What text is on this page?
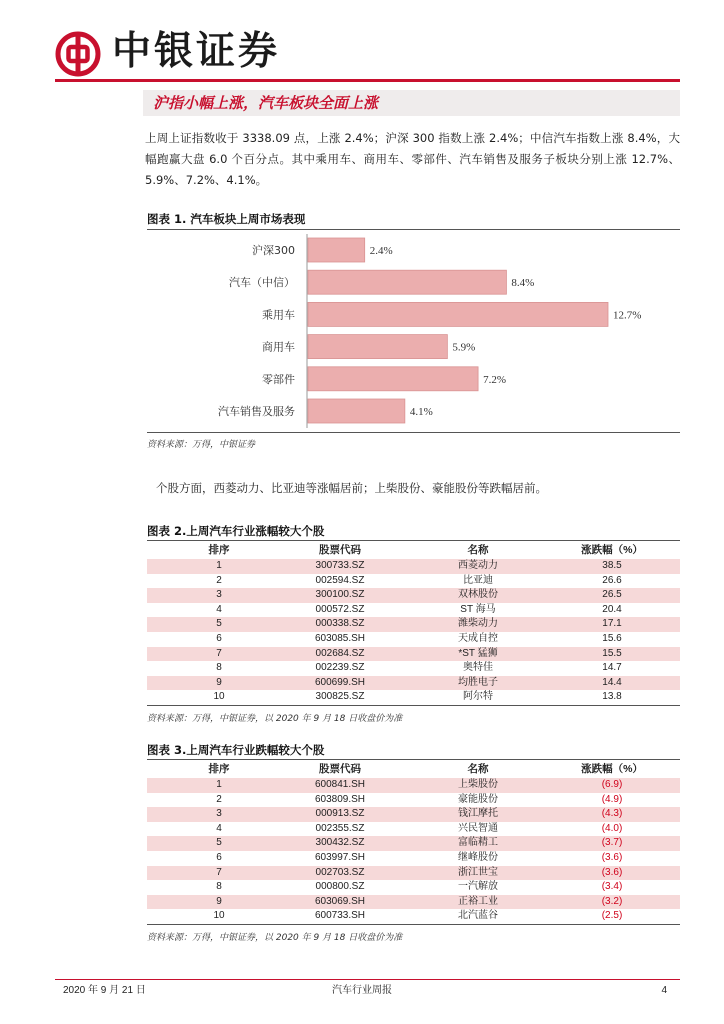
中银证券
沪指小幅上涨，汽车板块全面上涨
上周上证指数收于 3338.09 点，上涨 2.4%；沪深 300 指数上涨 2.4%；中信汽车指数上涨 8.4%，大幅跑赢大盘 6.0 个百分点。其中乘用车、商用车、零部件、汽车销售及服务子板块分别上涨 12.7%、5.9%、7.2%、4.1%。
图表 1. 汽车板块上周市场表现
沪深300	2.4%
汽车（中信）	8.4%
乘用车	12.7%
商用车	5.9%
零部件	7.2%
汽车销售及服务	4.1%
资料来源：万得，中银证券
个股方面，西菱动力、比亚迪等涨幅居前；上柴股份、豪能股份等跌幅居前。
图表 2.上周汽车行业涨幅较大个股
排序	股票代码	名称	涨跌幅（%）
1	300733.SZ	西菱动力	38.5
2	002594.SZ	比亚迪	26.6
3	300100.SZ	双林股份	26.5
4	000572.SZ	ST 海马	20.4
5	000338.SZ	潍柴动力	17.1
6	603085.SH	天成自控	15.6
7	002684.SZ	*ST 猛狮	15.5
8	002239.SZ	奥特佳	14.7
9	600699.SH	均胜电子	14.4
10	300825.SZ	阿尔特	13.8
资料来源：万得，中银证券，以 2020 年 9 月 18 日收盘价为准
图表 3.上周汽车行业跌幅较大个股
排序	股票代码	名称	涨跌幅（%）
1	600841.SH	上柴股份	(6.9)
2	603809.SH	豪能股份	(4.9)
3	000913.SZ	钱江摩托	(4.3)
4	002355.SZ	兴民智通	(4.0)
5	300432.SZ	富临精工	(3.7)
6	603997.SH	继峰股份	(3.6)
7	002703.SZ	浙江世宝	(3.6)
8	000800.SZ	一汽解放	(3.4)
9	603069.SH	正裕工业	(3.2)
10	600733.SH	北汽蓝谷	(2.5)
资料来源：万得，中银证券，以 2020 年 9 月 18 日收盘价为准
2020 年 9 月 21 日	汽车行业周报	4
